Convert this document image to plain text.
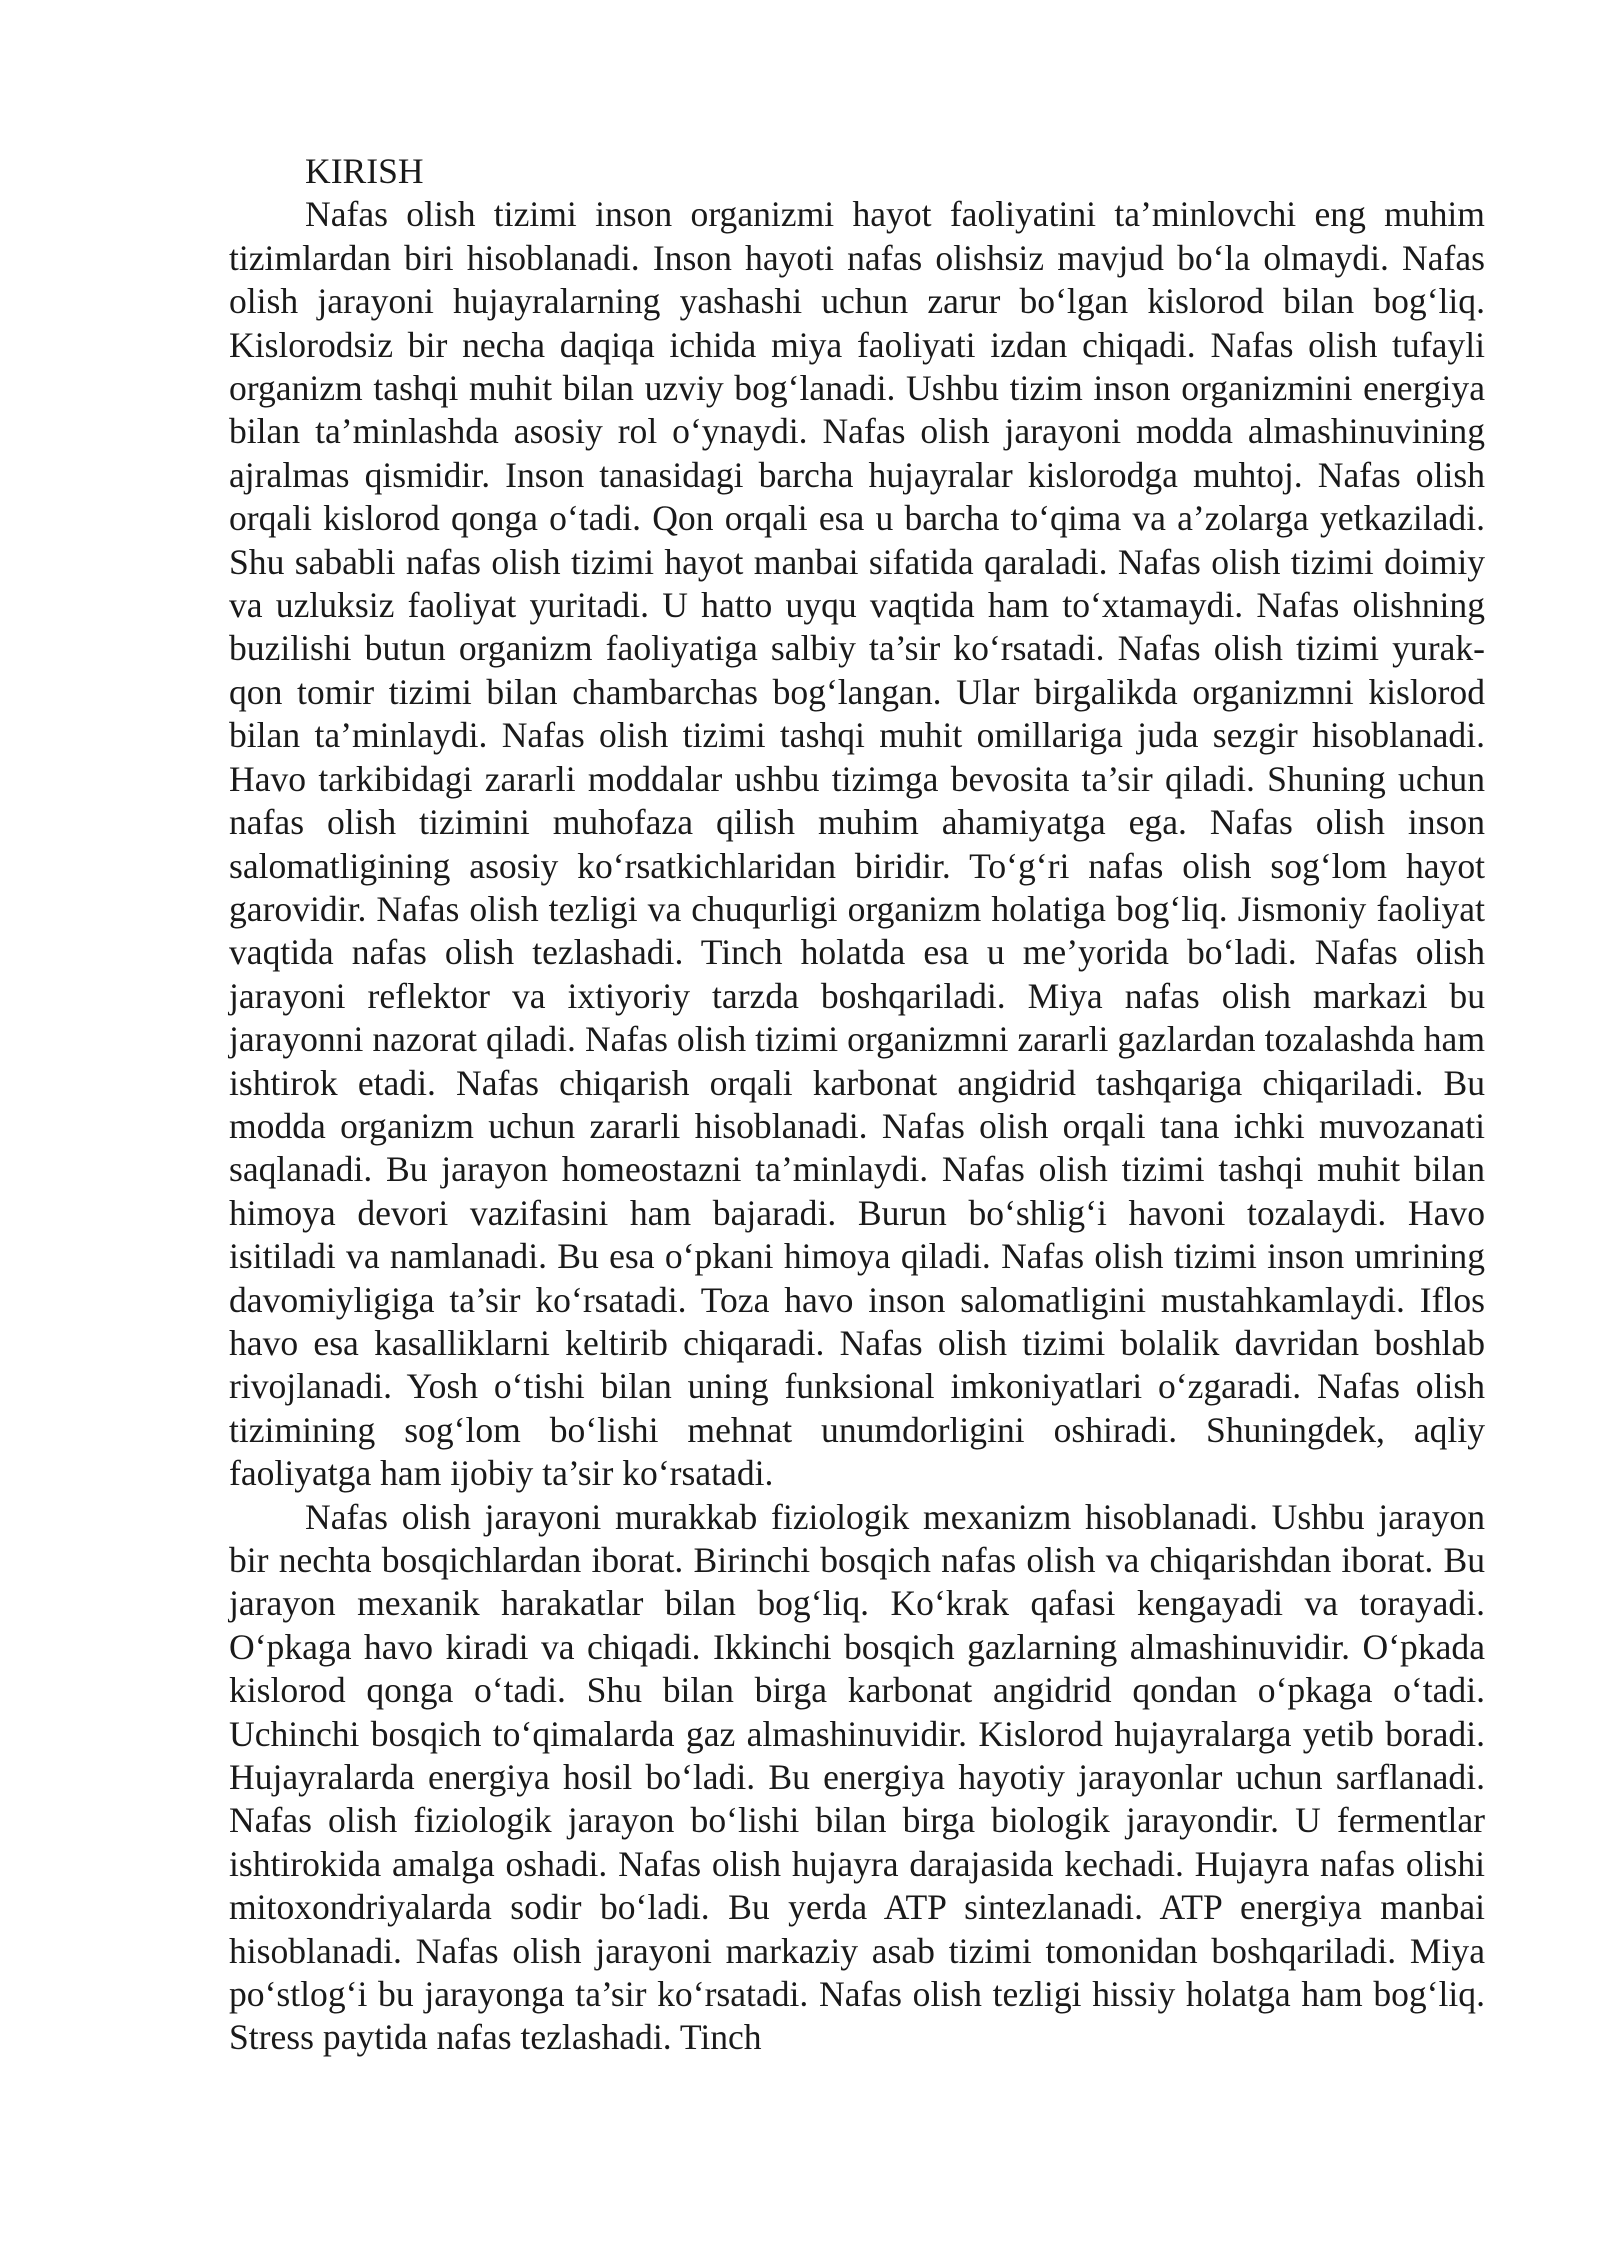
KIRISH

Nafas olish tizimi inson organizmi hayot faoliyatini ta’minlovchi eng muhim tizimlardan biri hisoblanadi. Inson hayoti nafas olishsiz mavjud bo‘la olmaydi. Nafas olish jarayoni hujayralarning yashashi uchun zarur bo‘lgan kislorod bilan bog‘liq. Kislorodsiz bir necha daqiqa ichida miya faoliyati izdan chiqadi. Nafas olish tufayli organizm tashqi muhit bilan uzviy bog‘lanadi. Ushbu tizim inson organizmini energiya bilan ta’minlashda asosiy rol o‘ynaydi. Nafas olish jarayoni modda almashinuvining ajralmas qismidir. Inson tanasidagi barcha hujayralar kislorodga muhtoj. Nafas olish orqali kislorod qonga o‘tadi. Qon orqali esa u barcha to‘qima va a’zolarga yetkaziladi. Shu sababli nafas olish tizimi hayot manbai sifatida qaraladi. Nafas olish tizimi doimiy va uzluksiz faoliyat yuritadi. U hatto uyqu vaqtida ham to‘xtamaydi. Nafas olishning buzilishi butun organizm faoliyatiga salbiy ta’sir ko‘rsatadi. Nafas olish tizimi yurak-qon tomir tizimi bilan chambarchas bog‘langan. Ular birgalikda organizmni kislorod bilan ta’minlaydi. Nafas olish tizimi tashqi muhit omillariga juda sezgir hisoblanadi. Havo tarkibidagi zararli moddalar ushbu tizimga bevosita ta’sir qiladi. Shuning uchun nafas olish tizimini muhofaza qilish muhim ahamiyatga ega. Nafas olish inson salomatligining asosiy ko‘rsatkichlaridan biridir. To‘g‘ri nafas olish sog‘lom hayot garovidir. Nafas olish tezligi va chuqurligi organizm holatiga bog‘liq. Jismoniy faoliyat vaqtida nafas olish tezlashadi. Tinch holatda esa u me’yorida bo‘ladi. Nafas olish jarayoni reflektor va ixtiyoriy tarzda boshqariladi. Miya nafas olish markazi bu jarayonni nazorat qiladi. Nafas olish tizimi organizmni zararli gazlardan tozalashda ham ishtirok etadi. Nafas chiqarish orqali karbonat angidrid tashqariga chiqariladi. Bu modda organizm uchun zararli hisoblanadi. Nafas olish orqali tana ichki muvozanati saqlanadi. Bu jarayon homeostazni ta’minlaydi. Nafas olish tizimi tashqi muhit bilan himoya devori vazifasini ham bajaradi. Burun bo‘shlig‘i havoni tozalaydi. Havo isitiladi va namlanadi. Bu esa o‘pkani himoya qiladi. Nafas olish tizimi inson umrining davomiyligiga ta’sir ko‘rsatadi. Toza havo inson salomatligini mustahkamlaydi. Iflos havo esa kasalliklarni keltirib chiqaradi. Nafas olish tizimi bolalik davridan boshlab rivojlanadi. Yosh o‘tishi bilan uning funksional imkoniyatlari o‘zgaradi. Nafas olish tizimining sog‘lom bo‘lishi mehnat unumdorligini oshiradi. Shuningdek, aqliy faoliyatga ham ijobiy ta’sir ko‘rsatadi.

Nafas olish jarayoni murakkab fiziologik mexanizm hisoblanadi. Ushbu jarayon bir nechta bosqichlardan iborat. Birinchi bosqich nafas olish va chiqarishdan iborat. Bu jarayon mexanik harakatlar bilan bog‘liq. Ko‘krak qafasi kengayadi va torayadi. O‘pkaga havo kiradi va chiqadi. Ikkinchi bosqich gazlarning almashinuvidir. O‘pkada kislorod qonga o‘tadi. Shu bilan birga karbonat angidrid qondan o‘pkaga o‘tadi. Uchinchi bosqich to‘qimalarda gaz almashinuvidir. Kislorod hujayralarga yetib boradi. Hujayralarda energiya hosil bo‘ladi. Bu energiya hayotiy jarayonlar uchun sarflanadi. Nafas olish fiziologik jarayon bo‘lishi bilan birga biologik jarayondir. U fermentlar ishtirokida amalga oshadi. Nafas olish hujayra darajasida kechadi. Hujayra nafas olishi mitoxondriyalarda sodir bo‘ladi. Bu yerda ATP sintezlanadi. ATP energiya manbai hisoblanadi. Nafas olish jarayoni markaziy asab tizimi tomonidan boshqariladi. Miya po‘stlog‘i bu jarayonga ta’sir ko‘rsatadi. Nafas olish tezligi hissiy holatga ham bog‘liq. Stress paytida nafas tezlashadi. Tinch
